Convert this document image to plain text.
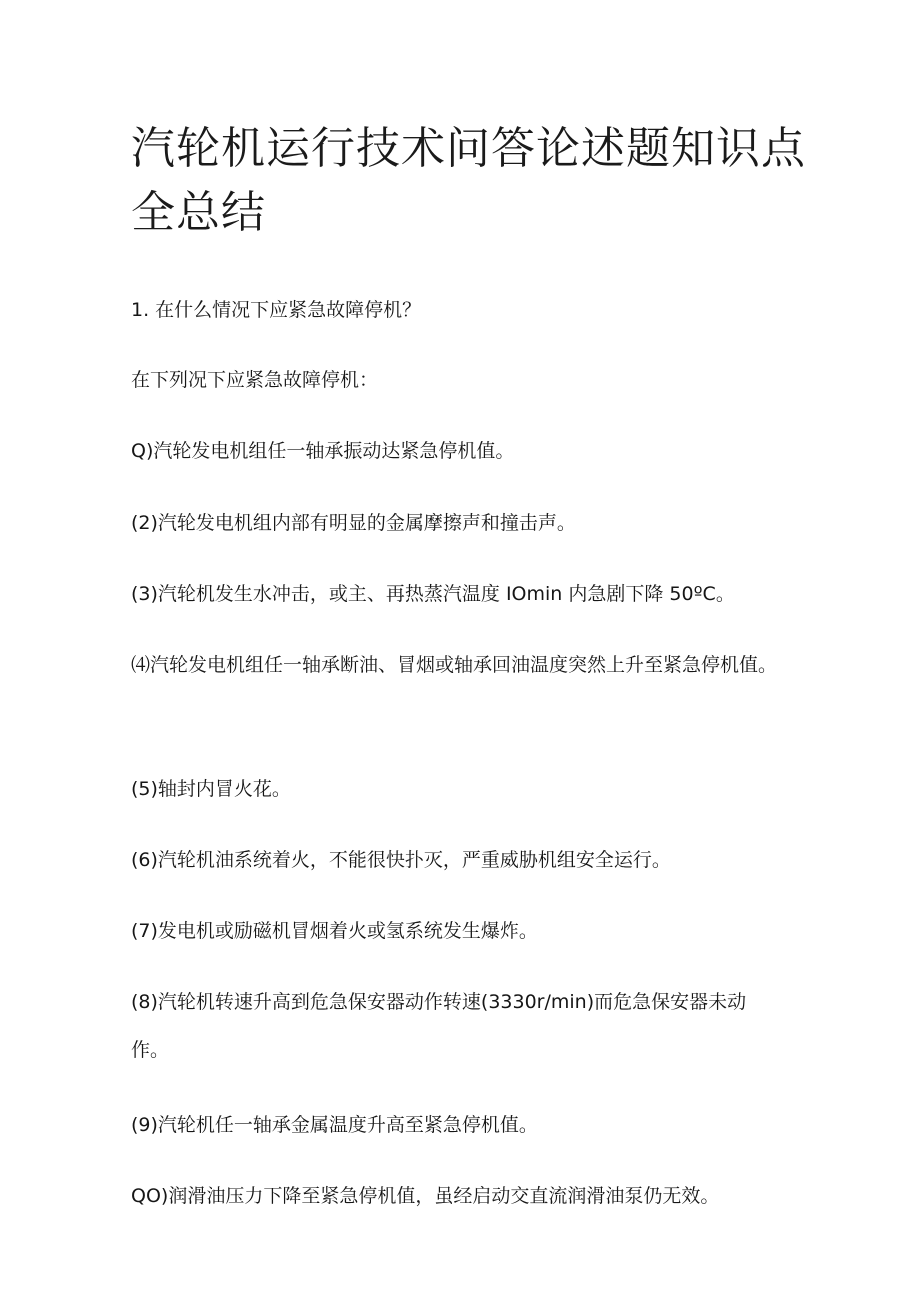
汽轮机运行技术问答论述题知识点全总结

1. 在什么情况下应紧急故障停机？

在下列况下应紧急故障停机：

Q)汽轮发电机组任一轴承振动达紧急停机值。

(2)汽轮发电机组内部有明显的金属摩擦声和撞击声。

(3)汽轮机发生水冲击，或主、再热蒸汽温度 IOmin 内急剧下降 50ºC。

⑷汽轮发电机组任一轴承断油、冒烟或轴承回油温度突然上升至紧急停机值。

(5)轴封内冒火花。

(6)汽轮机油系统着火，不能很快扑灭，严重威胁机组安全运行。

(7)发电机或励磁机冒烟着火或氢系统发生爆炸。

(8)汽轮机转速升高到危急保安器动作转速(3330r/min)而危急保安器未动作。

(9)汽轮机任一轴承金属温度升高至紧急停机值。

QO)润滑油压力下降至紧急停机值，虽经启动交直流润滑油泵仍无效。
